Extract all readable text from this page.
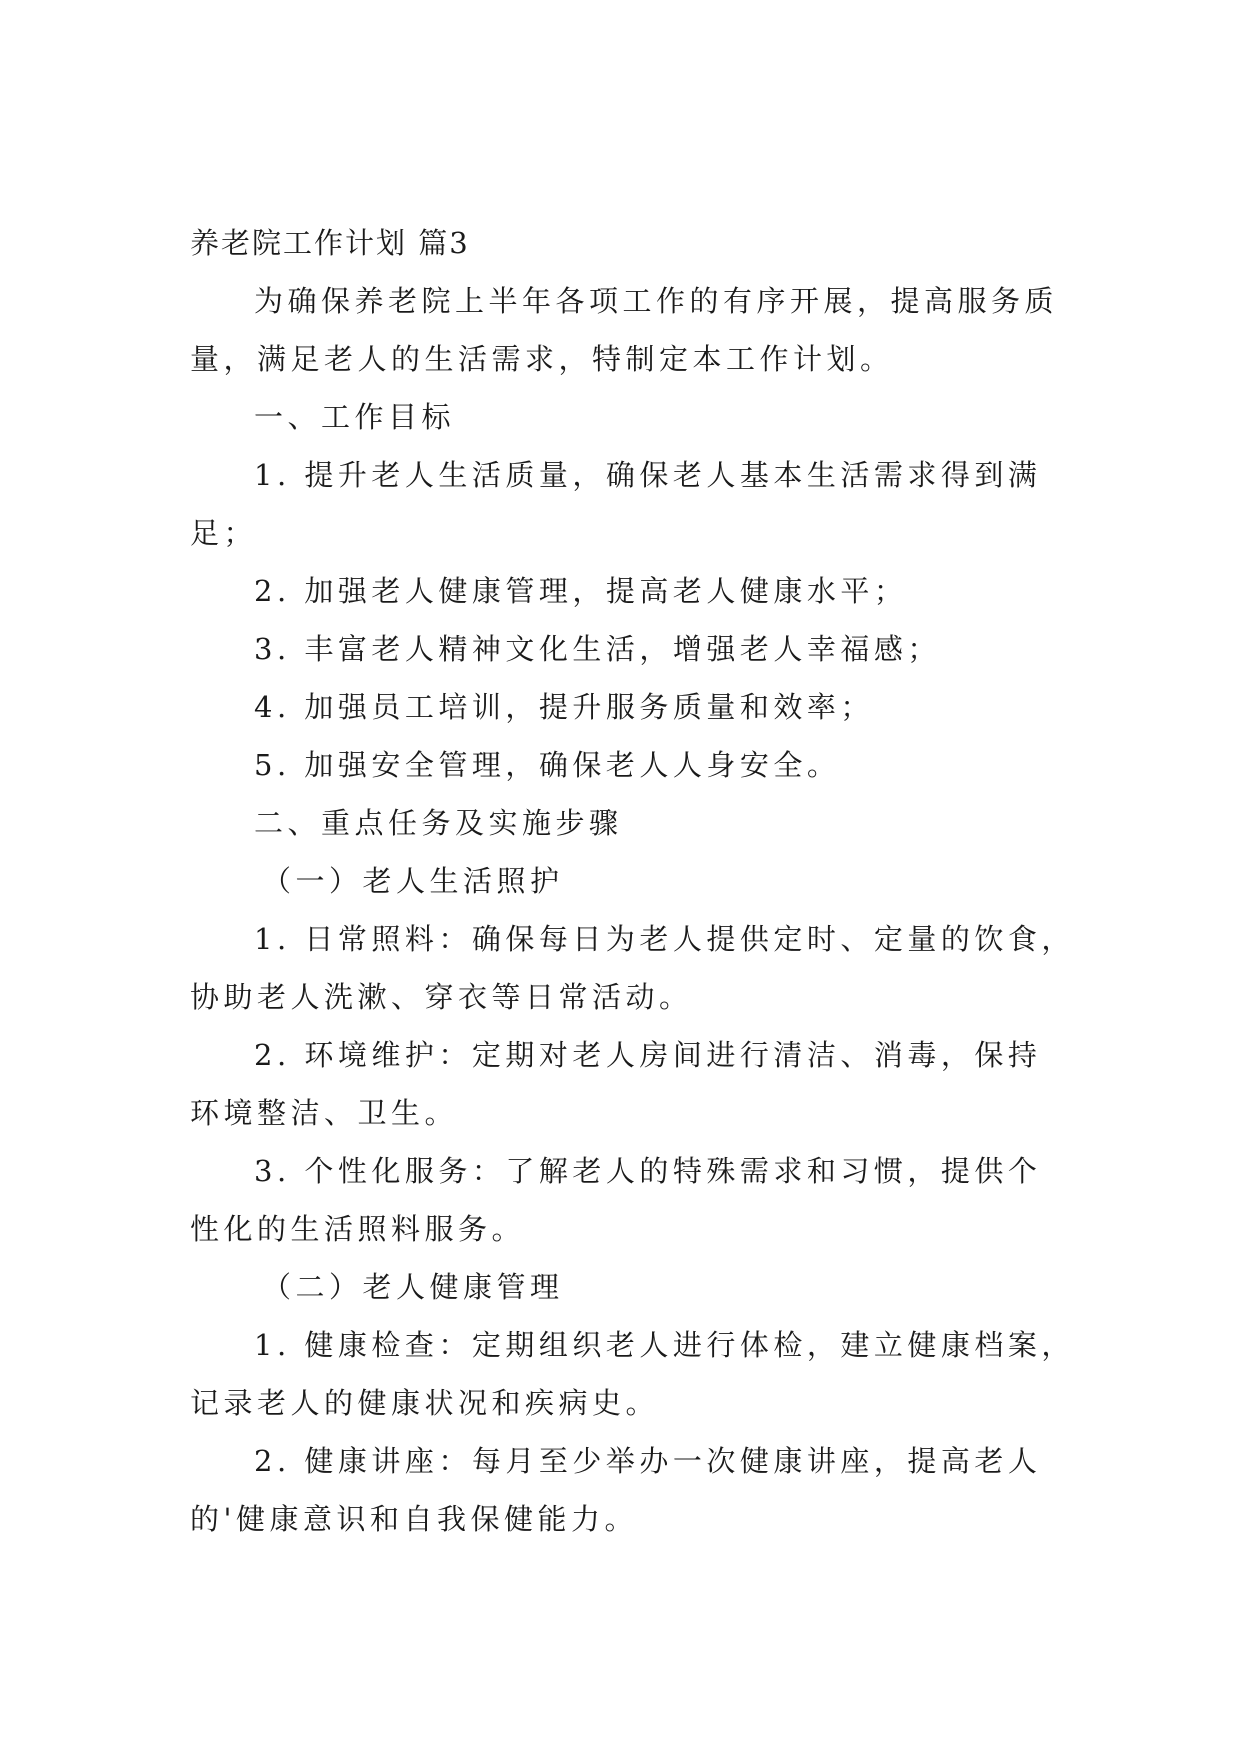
养老院工作计划 篇3
为确保养老院上半年各项工作的有序开展，提高服务质
量，满足老人的生活需求，特制定本工作计划。
一、工作目标
1. 提升老人生活质量，确保老人基本生活需求得到满
足；
2. 加强老人健康管理，提高老人健康水平；
3. 丰富老人精神文化生活，增强老人幸福感；
4. 加强员工培训，提升服务质量和效率；
5. 加强安全管理，确保老人人身安全。
二、重点任务及实施步骤
（一）老人生活照护
1. 日常照料：确保每日为老人提供定时、定量的饮食，
协助老人洗漱、穿衣等日常活动。
2. 环境维护：定期对老人房间进行清洁、消毒，保持
环境整洁、卫生。
3. 个性化服务：了解老人的特殊需求和习惯，提供个
性化的生活照料服务。
（二）老人健康管理
1. 健康检查：定期组织老人进行体检，建立健康档案，
记录老人的健康状况和疾病史。
2. 健康讲座：每月至少举办一次健康讲座，提高老人
的'健康意识和自我保健能力。
